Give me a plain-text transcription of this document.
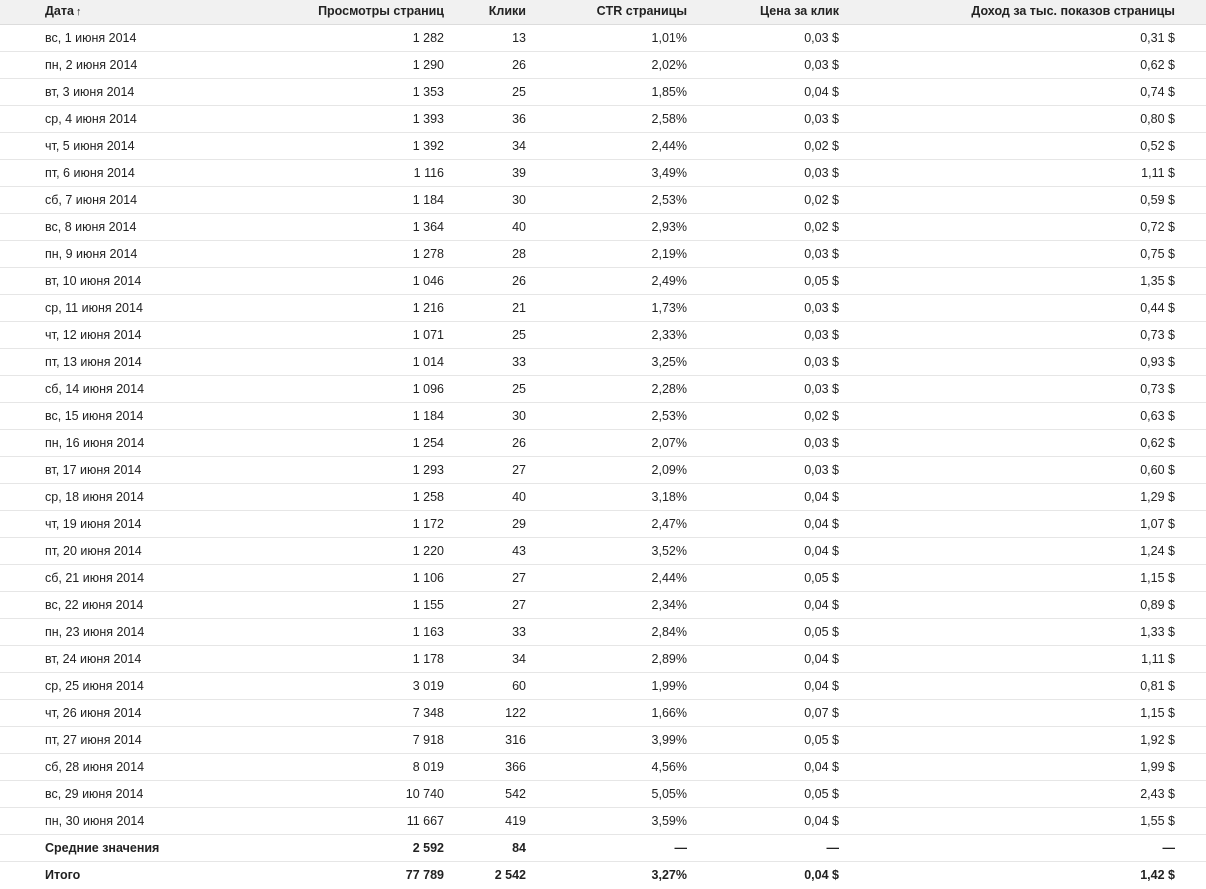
Дата ↑	Просмотры страниц	Клики	CTR страницы	Цена за клик	Доход за тыс. показов страницы
вс, 1 июня 2014	1 282	13	1,01%	0,03 $	0,31 $
пн, 2 июня 2014	1 290	26	2,02%	0,03 $	0,62 $
вт, 3 июня 2014	1 353	25	1,85%	0,04 $	0,74 $
ср, 4 июня 2014	1 393	36	2,58%	0,03 $	0,80 $
чт, 5 июня 2014	1 392	34	2,44%	0,02 $	0,52 $
пт, 6 июня 2014	1 116	39	3,49%	0,03 $	1,11 $
сб, 7 июня 2014	1 184	30	2,53%	0,02 $	0,59 $
вс, 8 июня 2014	1 364	40	2,93%	0,02 $	0,72 $
пн, 9 июня 2014	1 278	28	2,19%	0,03 $	0,75 $
вт, 10 июня 2014	1 046	26	2,49%	0,05 $	1,35 $
ср, 11 июня 2014	1 216	21	1,73%	0,03 $	0,44 $
чт, 12 июня 2014	1 071	25	2,33%	0,03 $	0,73 $
пт, 13 июня 2014	1 014	33	3,25%	0,03 $	0,93 $
сб, 14 июня 2014	1 096	25	2,28%	0,03 $	0,73 $
вс, 15 июня 2014	1 184	30	2,53%	0,02 $	0,63 $
пн, 16 июня 2014	1 254	26	2,07%	0,03 $	0,62 $
вт, 17 июня 2014	1 293	27	2,09%	0,03 $	0,60 $
ср, 18 июня 2014	1 258	40	3,18%	0,04 $	1,29 $
чт, 19 июня 2014	1 172	29	2,47%	0,04 $	1,07 $
пт, 20 июня 2014	1 220	43	3,52%	0,04 $	1,24 $
сб, 21 июня 2014	1 106	27	2,44%	0,05 $	1,15 $
вс, 22 июня 2014	1 155	27	2,34%	0,04 $	0,89 $
пн, 23 июня 2014	1 163	33	2,84%	0,05 $	1,33 $
вт, 24 июня 2014	1 178	34	2,89%	0,04 $	1,11 $
ср, 25 июня 2014	3 019	60	1,99%	0,04 $	0,81 $
чт, 26 июня 2014	7 348	122	1,66%	0,07 $	1,15 $
пт, 27 июня 2014	7 918	316	3,99%	0,05 $	1,92 $
сб, 28 июня 2014	8 019	366	4,56%	0,04 $	1,99 $
вс, 29 июня 2014	10 740	542	5,05%	0,05 $	2,43 $
пн, 30 июня 2014	11 667	419	3,59%	0,04 $	1,55 $
Средние значения	2 592	84	—	—	—
Итого	77 789	2 542	3,27%	0,04 $	1,42 $
